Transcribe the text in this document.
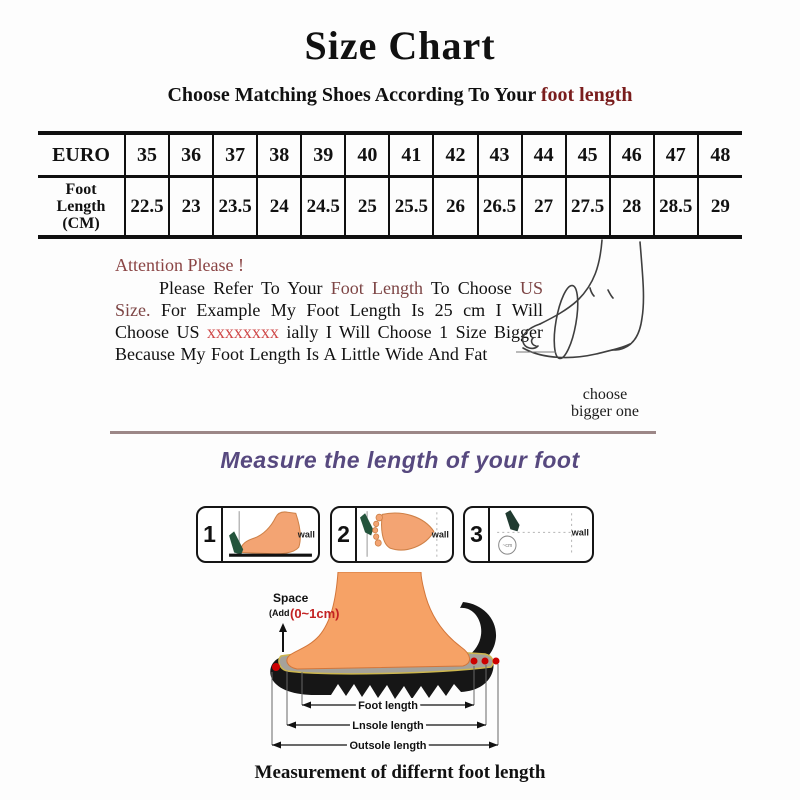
Size Chart
Choose Matching Shoes According To Your foot length
EURO	35	36	37	38	39	40	41	42	43	44	45	46	47	48

Foot
Length
(CM)	22.5	23	23.5	24	24.5	25	25.5	26	26.5	27	27.5	28	28.5	29

Attention Please !

Please Refer To Your Foot Length To Choose US Size. For Example My Foot Length Is 25 cm I Will Choose US xxxxxxxx ially I Will Choose 1 Size Bigger Because My Foot Length Is A Little Wide And Fat

choose
bigger one
Measure the length of your foot
1	wall 2	wall 3	~cm
wall
Space
(Add (0~1cm)
Foot length
Lnsole length
Outsole length
Measurement of differnt foot length
